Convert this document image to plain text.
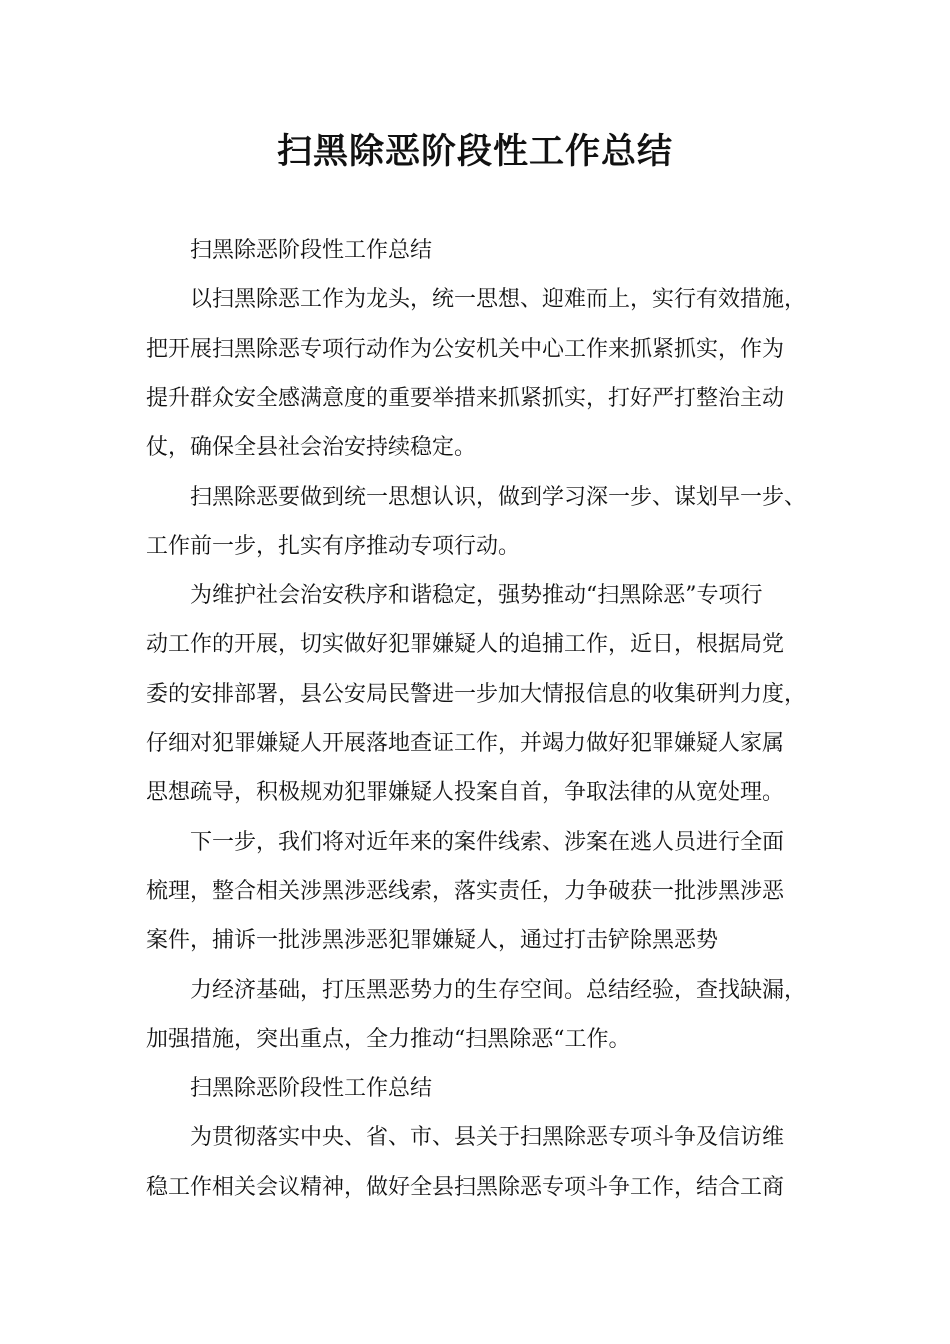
扫黑除恶阶段性工作总结
扫黑除恶阶段性工作总结
以扫黑除恶工作为龙头，统一思想、迎难而上，实行有效措施，
把开展扫黑除恶专项行动作为公安机关中心工作来抓紧抓实，作为
提升群众安全感满意度的重要举措来抓紧抓实，打好严打整治主动
仗，确保全县社会治安持续稳定。
扫黑除恶要做到统一思想认识，做到学习深一步、谋划早一步、
工作前一步，扎实有序推动专项行动。
为维护社会治安秩序和谐稳定，强势推动“扫黑除恶”专项行
动工作的开展，切实做好犯罪嫌疑人的追捕工作，近日，根据局党
委的安排部署，县公安局民警进一步加大情报信息的收集研判力度，
仔细对犯罪嫌疑人开展落地查证工作，并竭力做好犯罪嫌疑人家属
思想疏导，积极规劝犯罪嫌疑人投案自首，争取法律的从宽处理。
下一步，我们将对近年来的案件线索、涉案在逃人员进行全面
梳理，整合相关涉黑涉恶线索，落实责任，力争破获一批涉黑涉恶
案件，捕诉一批涉黑涉恶犯罪嫌疑人，通过打击铲除黑恶势
力经济基础，打压黑恶势力的生存空间。总结经验，查找缺漏，
加强措施，突出重点，全力推动“扫黑除恶“工作。
扫黑除恶阶段性工作总结
为贯彻落实中央、省、市、县关于扫黑除恶专项斗争及信访维
稳工作相关会议精神，做好全县扫黑除恶专项斗争工作，结合工商
